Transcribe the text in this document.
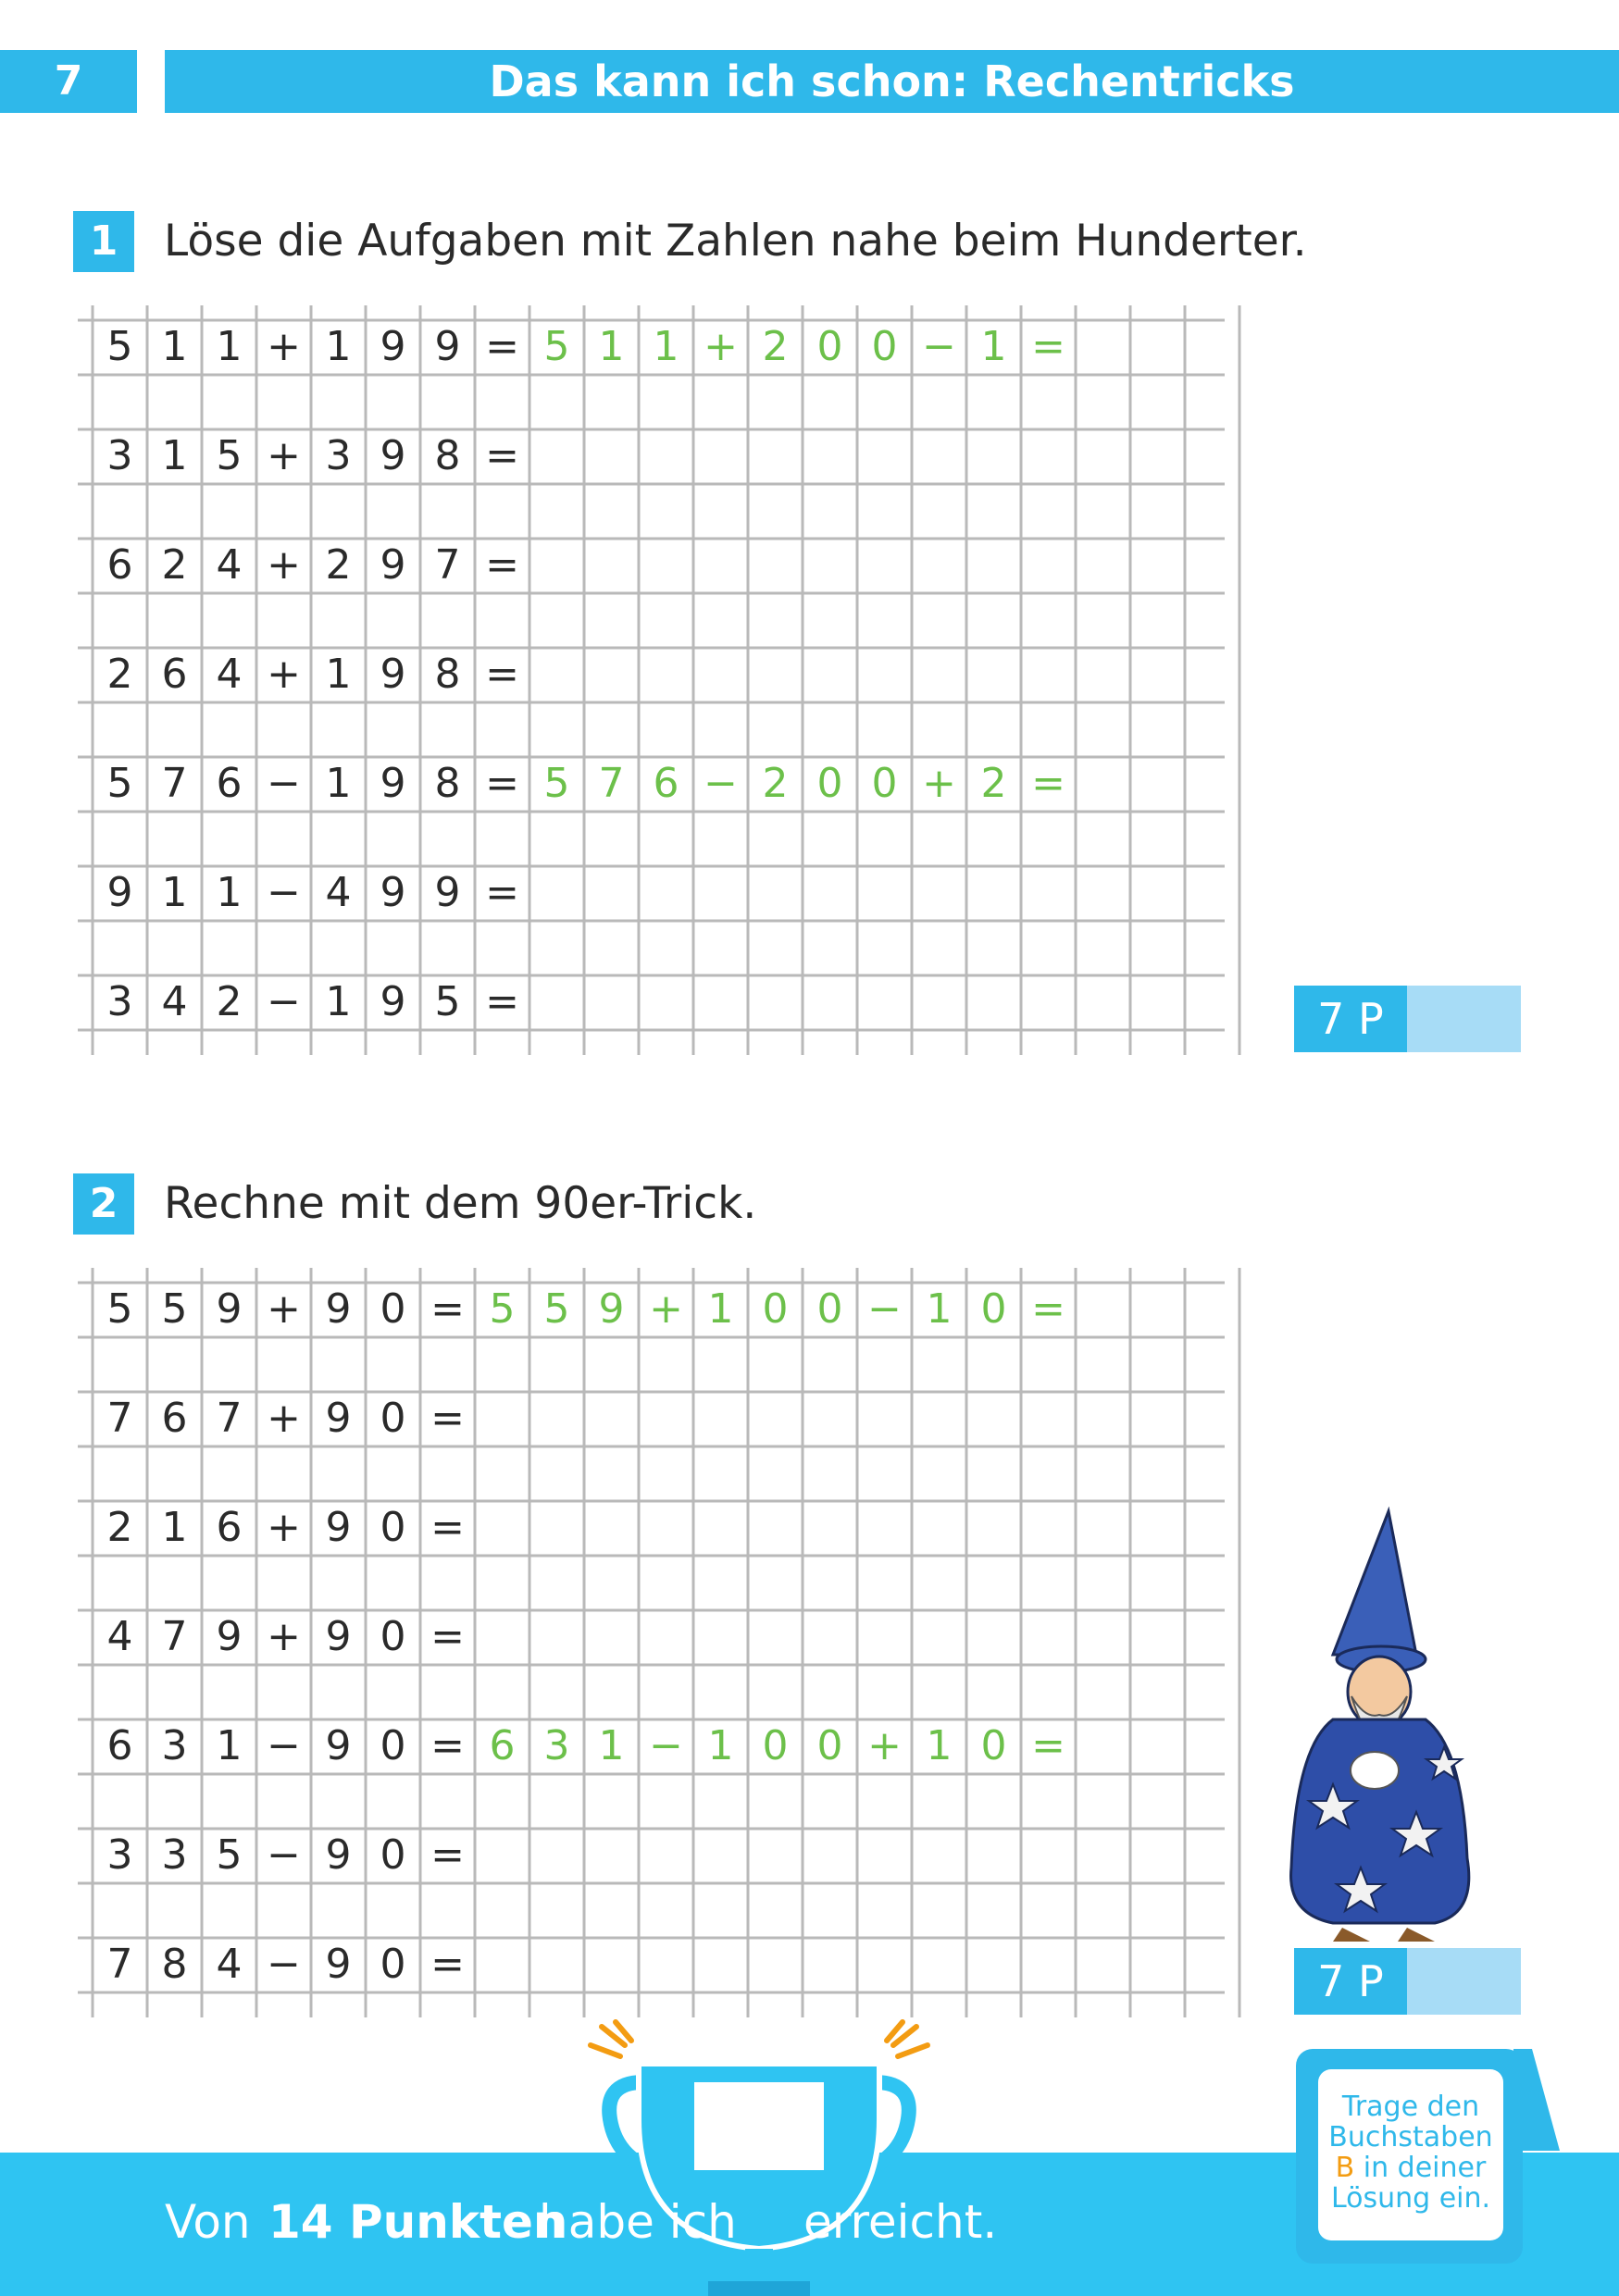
7	Das kann ich schon: Rechentricks
1	Löse die Aufgaben mit Zahlen nahe beim Hunderter.
5 1 1 + 1 9 9 = 5 1 1 + 2 0 0 − 1 =
3 1 5 + 3 9 8 =
6 2 4 + 2 9 7 =
2 6 4 + 1 9 8 =
5 7 6 − 1 9 8 = 5 7 6 − 2 0 0 + 2 =
9 1 1 − 4 9 9 =
3 4 2 − 1 9 5 =	7 P
2	Rechne mit dem 90er-Trick.
5 5 9 + 9 0 = 5 5 9 + 1 0 0 − 1 0 =
7 6 7 + 9 0 =
2 1 6 + 9 0 =
4 7 9 + 9 0 =
6 3 1 − 9 0 = 6 3 1 − 1 0 0 + 1 0 =
3 3 5 − 9 0 =
7 8 4 − 9 0 =	7 P
Punkte
Von 14 Punkten
habe ich erreicht.
Trage den
Buchstaben
B in deiner
Lösung ein.
